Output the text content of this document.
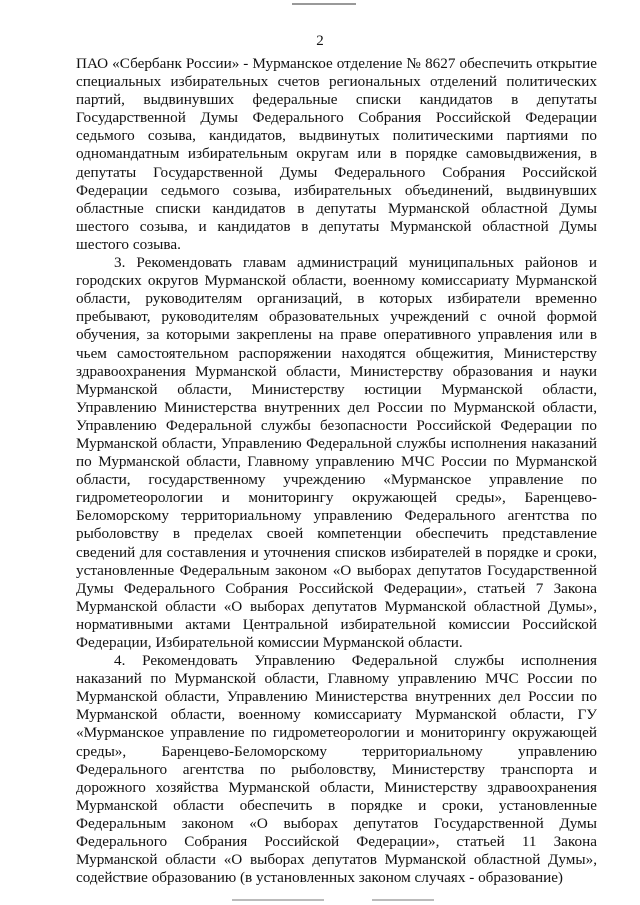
2

ПАО «Сбербанк России» - Мурманское отделение № 8627 обеспечить открытие специальных избирательных счетов региональных отделений политических партий, выдвинувших федеральные списки кандидатов в депутаты Государственной Думы Федерального Собрания Российской Федерации седьмого созыва, кандидатов, выдвинутых политическими партиями по одномандатным избирательным округам или в порядке самовыдвижения, в депутаты Государственной Думы Федерального Собрания Российской Федерации седьмого созыва, избирательных объединений, выдвинувших областные списки кандидатов в депутаты Мурманской областной Думы шестого созыва, и кандидатов в депутаты Мурманской областной Думы шестого созыва.

3. Рекомендовать главам администраций муниципальных районов и городских округов Мурманской области, военному комиссариату Мурманской области, руководителям организаций, в которых избиратели временно пребывают, руководителям образовательных учреждений с очной формой обучения, за которыми закреплены на праве оперативного управления или в чьем самостоятельном распоряжении находятся общежития, Министерству здравоохранения Мурманской области, Министерству образования и науки Мурманской области, Министерству юстиции Мурманской области, Управлению Министерства внутренних дел России по Мурманской области, Управлению Федеральной службы безопасности Российской Федерации по Мурманской области, Управлению Федеральной службы исполнения наказаний по Мурманской области, Главному управлению МЧС России по Мурманской области, государственному учреждению «Мурманское управление по гидрометеорологии и мониторингу окружающей среды», Баренцево-Беломорскому территориальному управлению Федерального агентства по рыболовству в пределах своей компетенции обеспечить представление сведений для составления и уточнения списков избирателей в порядке и сроки, установленные Федеральным законом «О выборах депутатов Государственной Думы Федерального Собрания Российской Федерации», статьей 7 Закона Мурманской области «О выборах депутатов Мурманской областной Думы», нормативными актами Центральной избирательной комиссии Российской Федерации, Избирательной комиссии Мурманской области.

4. Рекомендовать Управлению Федеральной службы исполнения наказаний по Мурманской области, Главному управлению МЧС России по Мурманской области, Управлению Министерства внутренних дел России по Мурманской области, военному комиссариату Мурманской области, ГУ «Мурманское управление по гидрометеорологии и мониторингу окружающей среды», Баренцево-Беломорскому территориальному управлению Федерального агентства по рыболовству, Министерству транспорта и дорожного хозяйства Мурманской области, Министерству здравоохранения Мурманской области обеспечить в порядке и сроки, установленные Федеральным законом «О выборах депутатов Государственной Думы Федерального Собрания Российской Федерации», статьей 11 Закона Мурманской области «О выборах депутатов Мурманской областной Думы», содействие образованию (в установленных законом случаях - образование)
